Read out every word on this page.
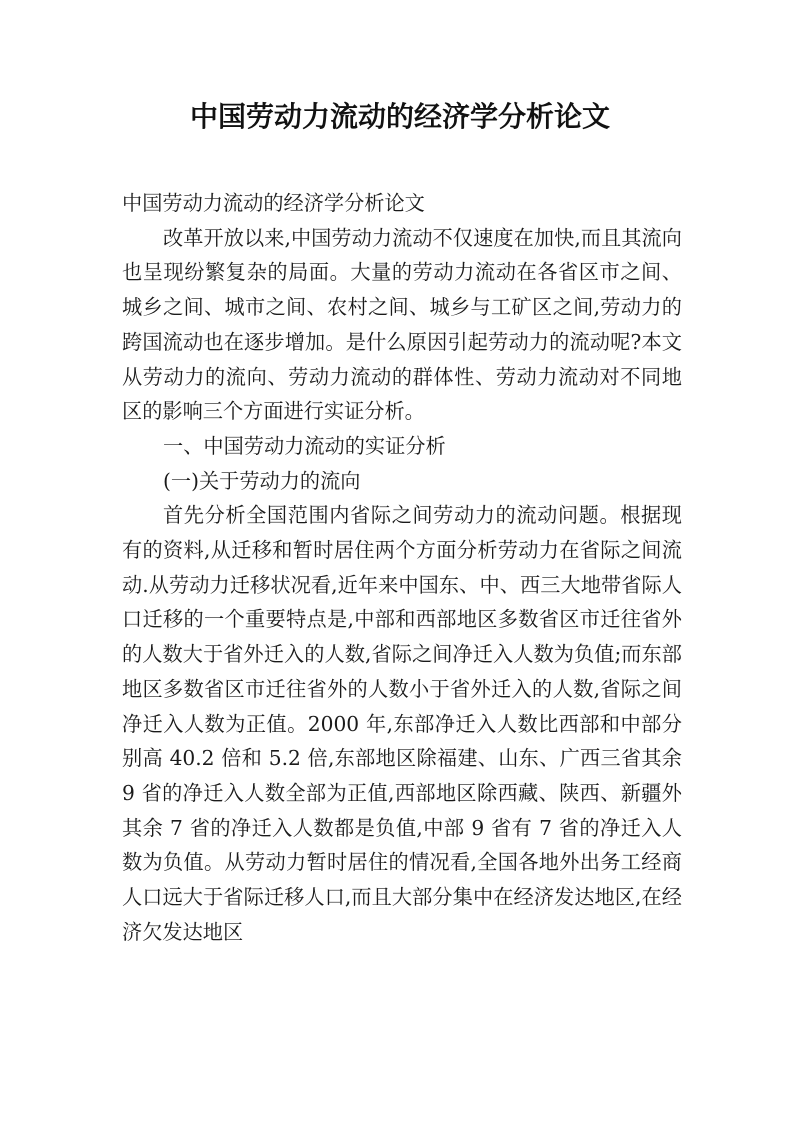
中国劳动力流动的经济学分析论文

中国劳动力流动的经济学分析论文

改革开放以来,中国劳动力流动不仅速度在加快,而且其流向也呈现纷繁复杂的局面。大量的劳动力流动在各省区市之间、城乡之间、城市之间、农村之间、城乡与工矿区之间,劳动力的跨国流动也在逐步增加。是什么原因引起劳动力的流动呢?本文从劳动力的流向、劳动力流动的群体性、劳动力流动对不同地区的影响三个方面进行实证分析。

一、中国劳动力流动的实证分析

(一)关于劳动力的流向

首先分析全国范围内省际之间劳动力的流动问题。根据现有的资料,从迁移和暂时居住两个方面分析劳动力在省际之间流动.从劳动力迁移状况看,近年来中国东、中、西三大地带省际人口迁移的一个重要特点是,中部和西部地区多数省区市迁往省外的人数大于省外迁入的人数,省际之间净迁入人数为负值;而东部地区多数省区市迁往省外的人数小于省外迁入的人数,省际之间净迁入人数为正值。2000 年,东部净迁入人数比西部和中部分别高 40.2 倍和 5.2 倍,东部地区除福建、山东、广西三省其余 9 省的净迁入人数全部为正值,西部地区除西藏、陕西、新疆外其余 7 省的净迁入人数都是负值,中部 9 省有 7 省的净迁入人数为负值。从劳动力暂时居住的情况看,全国各地外出务工经商人口远大于省际迁移人口,而且大部分集中在经济发达地区,在经济欠发达地区
